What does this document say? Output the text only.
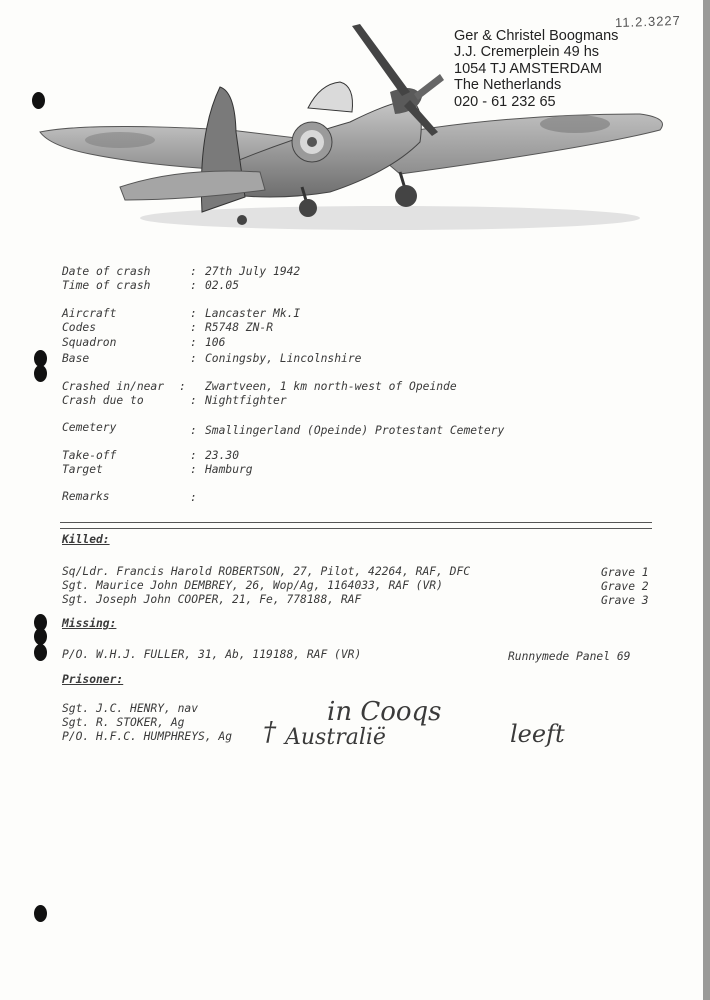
11.2.3227
Ger & Christel Boogmans
J.J. Cremerplein 49 hs
1054 TJ AMSTERDAM
The Netherlands
020 - 61 232 65
Date of crash	: 27th July 1942
Time of crash	: 02.05
Aircraft	: Lancaster Mk.I
Codes	: R5748 ZN-R
Squadron	: 106
Base	: Coningsby, Lincolnshire
Crashed in/near : Zwartveen, 1 km north-west of Opeinde
Crash due to	: Nightfighter
Cemetery	: Smallingerland (Opeinde) Protestant Cemetery
Take-off	: 23.30
Target	: Hamburg
Remarks	:
Killed:
Sq/Ldr. Francis Harold ROBERTSON, 27, Pilot, 42264, RAF, DFC	Grave 1
Sgt. Maurice John DEMBREY, 26, Wop/Ag, 1164033, RAF (VR)	Grave 2
Sgt. Joseph John COOPER, 21, Fe, 778188, RAF	Grave 3
Missing:
P/O. W.H.J. FULLER, 31, Ab, 119188, RAF (VR)	Runnymede Panel 69
Prisoner:
Sgt. J.C. HENRY, nav
Sgt. R. STOKER, Ag
P/O. H.F.C. HUMPHREYS, Ag
in Cooqs
Australië	leeft
†
